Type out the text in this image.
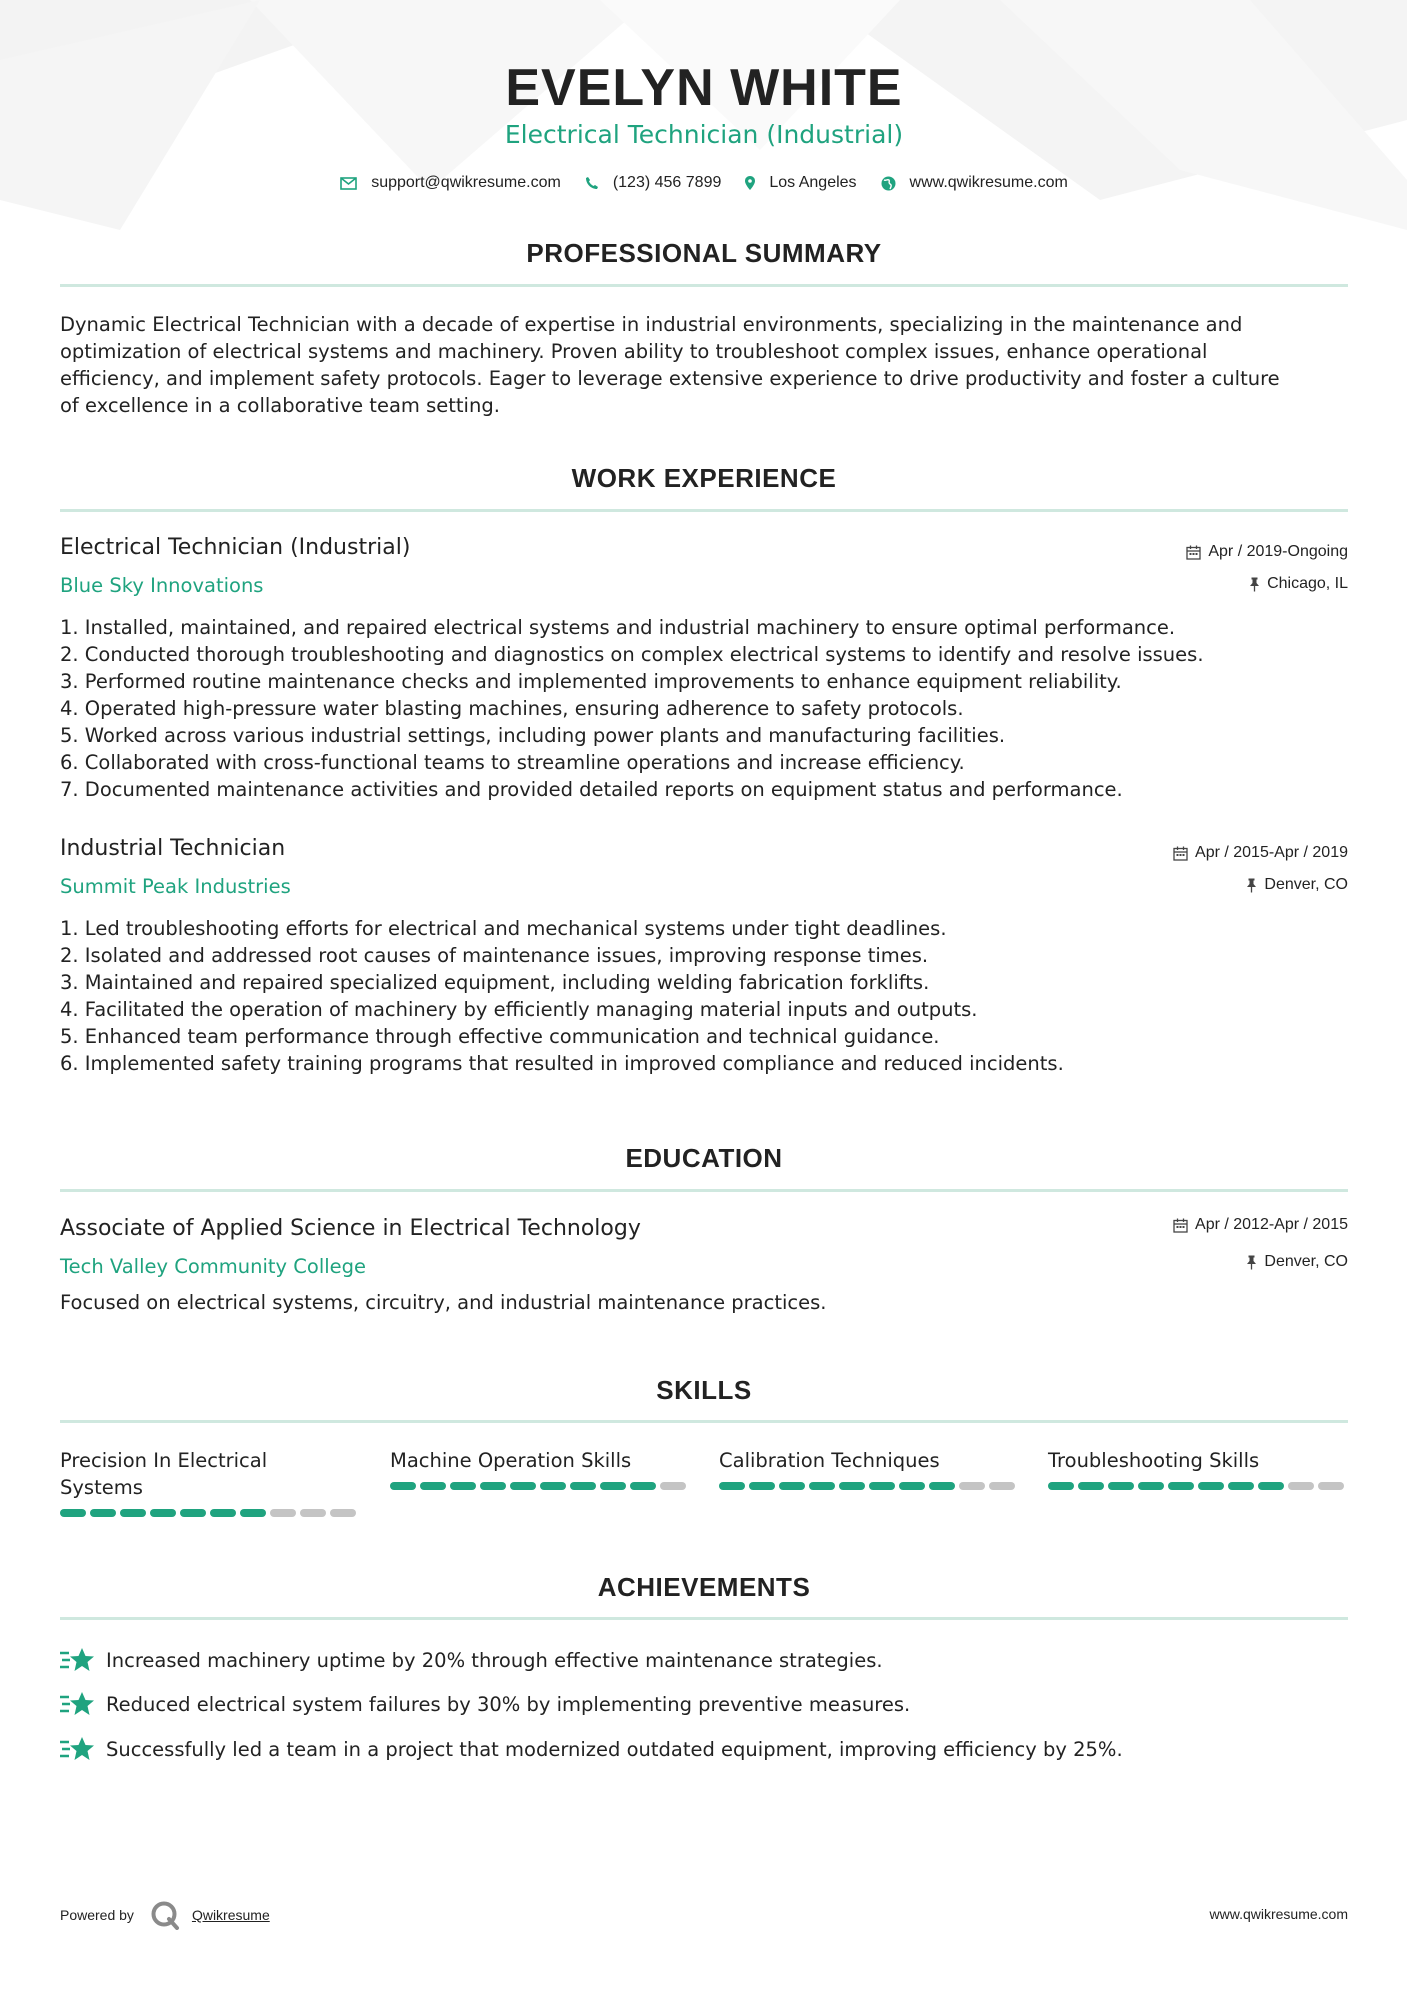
EVELYN WHITE
Electrical Technician (Industrial)
support@qwikresume.com	(123) 456 7899	Los Angeles	www.qwikresume.com
PROFESSIONAL SUMMARY
Dynamic Electrical Technician with a decade of expertise in industrial environments, specializing in the maintenance and
optimization of electrical systems and machinery. Proven ability to troubleshoot complex issues, enhance operational
efficiency, and implement safety protocols. Eager to leverage extensive experience to drive productivity and foster a culture
of excellence in a collaborative team setting.
WORK EXPERIENCE
Electrical Technician (Industrial)
Blue Sky Innovations
Apr / 2019-Ongoing
Chicago, IL
1. Installed, maintained, and repaired electrical systems and industrial machinery to ensure optimal performance.
2. Conducted thorough troubleshooting and diagnostics on complex electrical systems to identify and resolve issues.
3. Performed routine maintenance checks and implemented improvements to enhance equipment reliability.
4. Operated high-pressure water blasting machines, ensuring adherence to safety protocols.
5. Worked across various industrial settings, including power plants and manufacturing facilities.
6. Collaborated with cross-functional teams to streamline operations and increase efficiency.
7. Documented maintenance activities and provided detailed reports on equipment status and performance.
Industrial Technician
Summit Peak Industries
Apr / 2015-Apr / 2019
Denver, CO
1. Led troubleshooting efforts for electrical and mechanical systems under tight deadlines.
2. Isolated and addressed root causes of maintenance issues, improving response times.
3. Maintained and repaired specialized equipment, including welding fabrication forklifts.
4. Facilitated the operation of machinery by efficiently managing material inputs and outputs.
5. Enhanced team performance through effective communication and technical guidance.
6. Implemented safety training programs that resulted in improved compliance and reduced incidents.
EDUCATION
Associate of Applied Science in Electrical Technology
Tech Valley Community College
Apr / 2012-Apr / 2015
Denver, CO
Focused on electrical systems, circuitry, and industrial maintenance practices.
SKILLS
Precision In Electrical
Systems
Machine Operation Skills	Calibration Techniques	Troubleshooting Skills
ACHIEVEMENTS
Increased machinery uptime by 20% through effective maintenance strategies.
Reduced electrical system failures by 30% by implementing preventive measures.
Successfully led a team in a project that modernized outdated equipment, improving efficiency by 25%.
Powered by	Qwikresume	www.qwikresume.com
